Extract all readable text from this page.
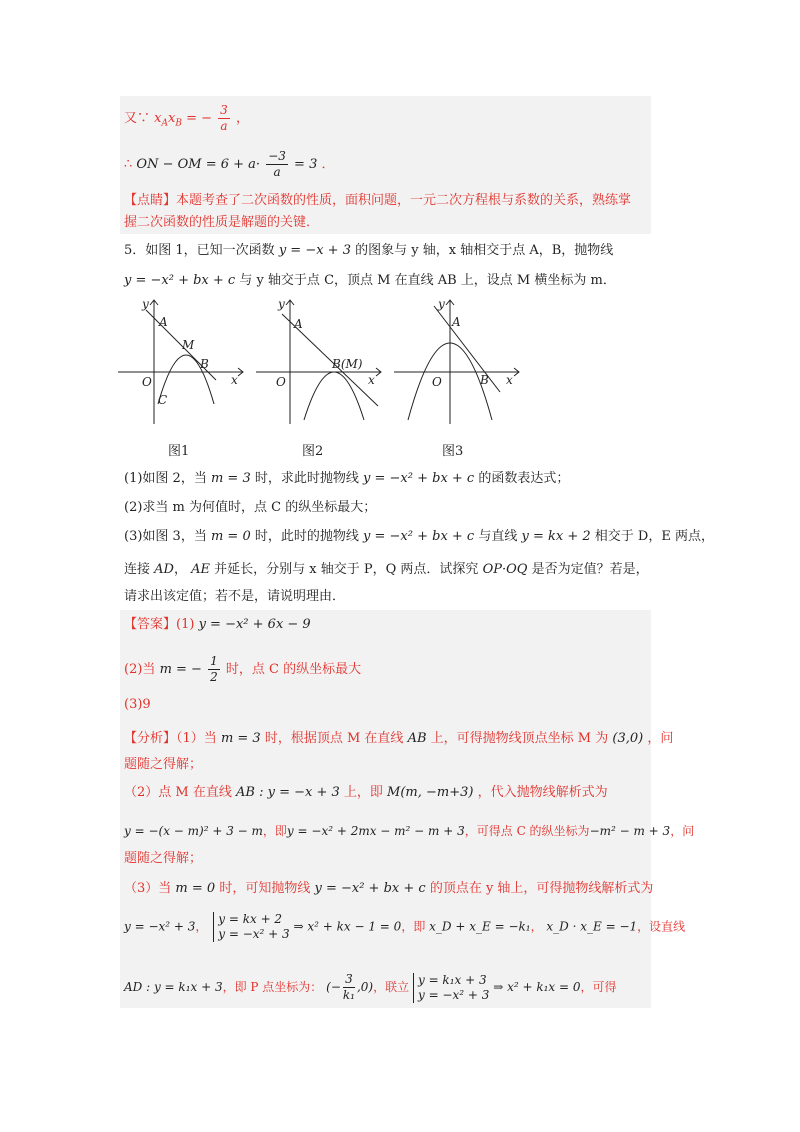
又∵ $x_Ax_B$ = − $\frac{3}{a}$ ，
∴ ON − OM = $6 + a\cdot \frac{-3}{a} = 3$ ．
【点睛】本题考查了二次函数的性质，面积问题，一元二次方程根与系数的关系，熟练掌
握二次函数的性质是解题的关键．
5．如图 1，已知一次函数 y = −x + 3 的图象与 y 轴，x 轴相交于点 A，B，抛物线
y = −x² + bx + c 与 y 轴交于点 C，顶点 M 在直线 AB 上，设点 M 横坐标为 m．
y
A
M
B
x
O
C
图1
y
A
B(M)
x
O
图2
y
A
B x
O
图3
(1)如图 2，当 m = 3 时，求此时抛物线 y = −x² + bx + c 的函数表达式；
(2)求当 m 为何值时，点 C 的纵坐标最大；
(3)如图 3，当 m = 0 时，此时的抛物线 y = −x² + bx + c 与直线 y = kx + 2 相交于 D，E 两点，
连接 AD， AE 并延长，分别与 x 轴交于 P，Q 两点．试探究 OP·OQ 是否为定值？若是，
请求出该定值；若不是，请说明理由．
【答案】(1) y = −x² + 6x − 9
(2)当 m = − $\frac{1}{2}$ 时，点 C 的纵坐标最大
(3)9
【分析】（1）当 m = 3 时，根据顶点 M 在直线 AB 上，可得抛物线顶点坐标 M 为 (3,0) ，问
题随之得解；
（2）点 M 在直线 AB : y = −x + 3 上，即 M(m, −m+3) ，代入抛物线解析式为
y = −(x − m)² + 3 − m，即y = −x² + 2mx − m² − m + 3，可得点 C 的纵坐标为−m² − m + 3，问
题随之得解；
（3）当 m = 0 时，可知抛物线 y = −x² + bx + c 的顶点在 y 轴上，可得抛物线解析式为
y = −x² + 3，
y = kx + 2
y = −x² + 3
⇒ x² + kx − 1 = 0，即 x_D + x_E = −k₁， x_D · x_E = −1，设直线
AD : y = k₁x + 3，即 P 点坐标为： (− $\frac{3}{\text{k₁}} ,0$)，联立
y = k₁x + 3
y = −x² + 3
⇒ x² + k₁x = 0，可得
